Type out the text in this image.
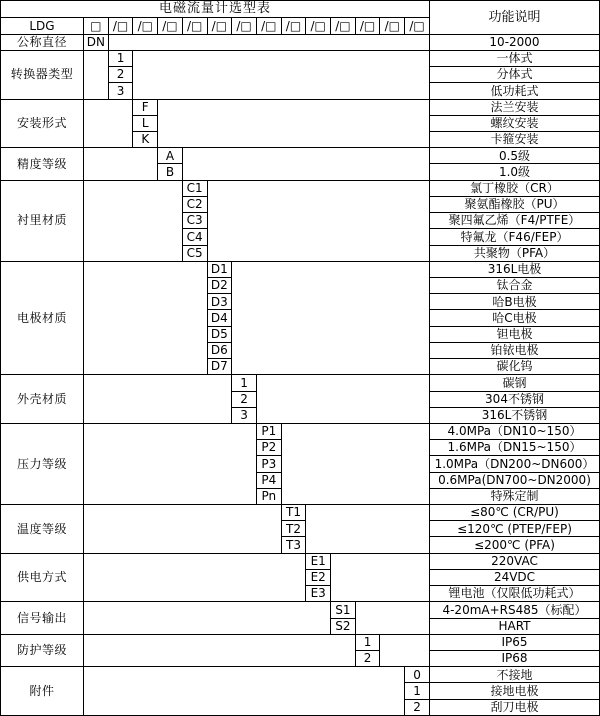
电磁流量计选型表															功能说明
LDG	□	/□	/□	/□	/□	/□	/□	/□	/□	/□	/□	/□	/□	/□	
公称直径	DN														10-2000
转换器类型		1													一体式
		2													分体式
		3													低功耗式
安装形式			F												法兰安装
			L												螺纹安装
			K												卡箍安装
精度等级				A											0.5级
				B											1.0级
衬里材质					C1										氯丁橡胶（CR）
					C2										聚氨酯橡胶（PU）
					C3										聚四氟乙烯（F4/PTFE）
					C4										特氟龙（F46/FEP）
					C5										共聚物（PFA）
电极材质						D1									316L电极
						D2									钛合金
						D3									哈B电极
						D4									哈C电极
						D5									钽电极
						D6									铂铱电极
						D7									碳化钨
外壳材质							1								碳钢
							2								304不锈钢
							3								316L不锈钢
压力等级								P1							4.0MPa（DN10~150）
								P2							1.6MPa（DN15~150）
								P3							1.0MPa（DN200~DN600）
								P4							0.6MPa(DN700~DN2000)
								Pn							特殊定制
温度等级									T1						≤80℃ (CR/PU)
									T2						≤120℃ (PTEP/FEP)
									T3						≤200℃ (PFA)
供电方式										E1					220VAC
										E2					24VDC
										E3					锂电池（仅限低功耗式）
信号输出											S1				4-20mA+RS485（标配）
											S2				HART
防护等级												1			IP65
												2			IP68
附件														0	不接地
														1	接地电极
														2	刮刀电极
